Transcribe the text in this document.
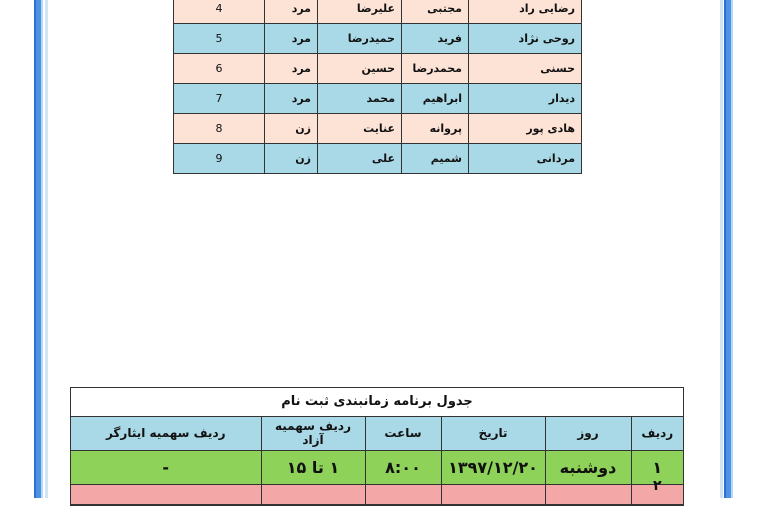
4	مرد	علیرضا	مجتبی	رضایی راد
5	مرد	حمیدرضا	فرید	روحی نژاد
6	مرد	حسین	محمدرضا	حسنی
7	مرد	محمد	ابراهیم	دیدار
8	زن	عنایت	پروانه	هادی پور
9	زن	علی	شمیم	مردانی
جدول برنامه زمانبندی ثبت نام
ردیف	روز	تاریخ	ساعت	ردیف سهمیه آزاد	ردیف سهمیه ایثارگر
۱	دوشنبه	۱۳۹۷/۱۲/۲۰	۸:۰۰	۱ تا ۱۵	-
۲					
